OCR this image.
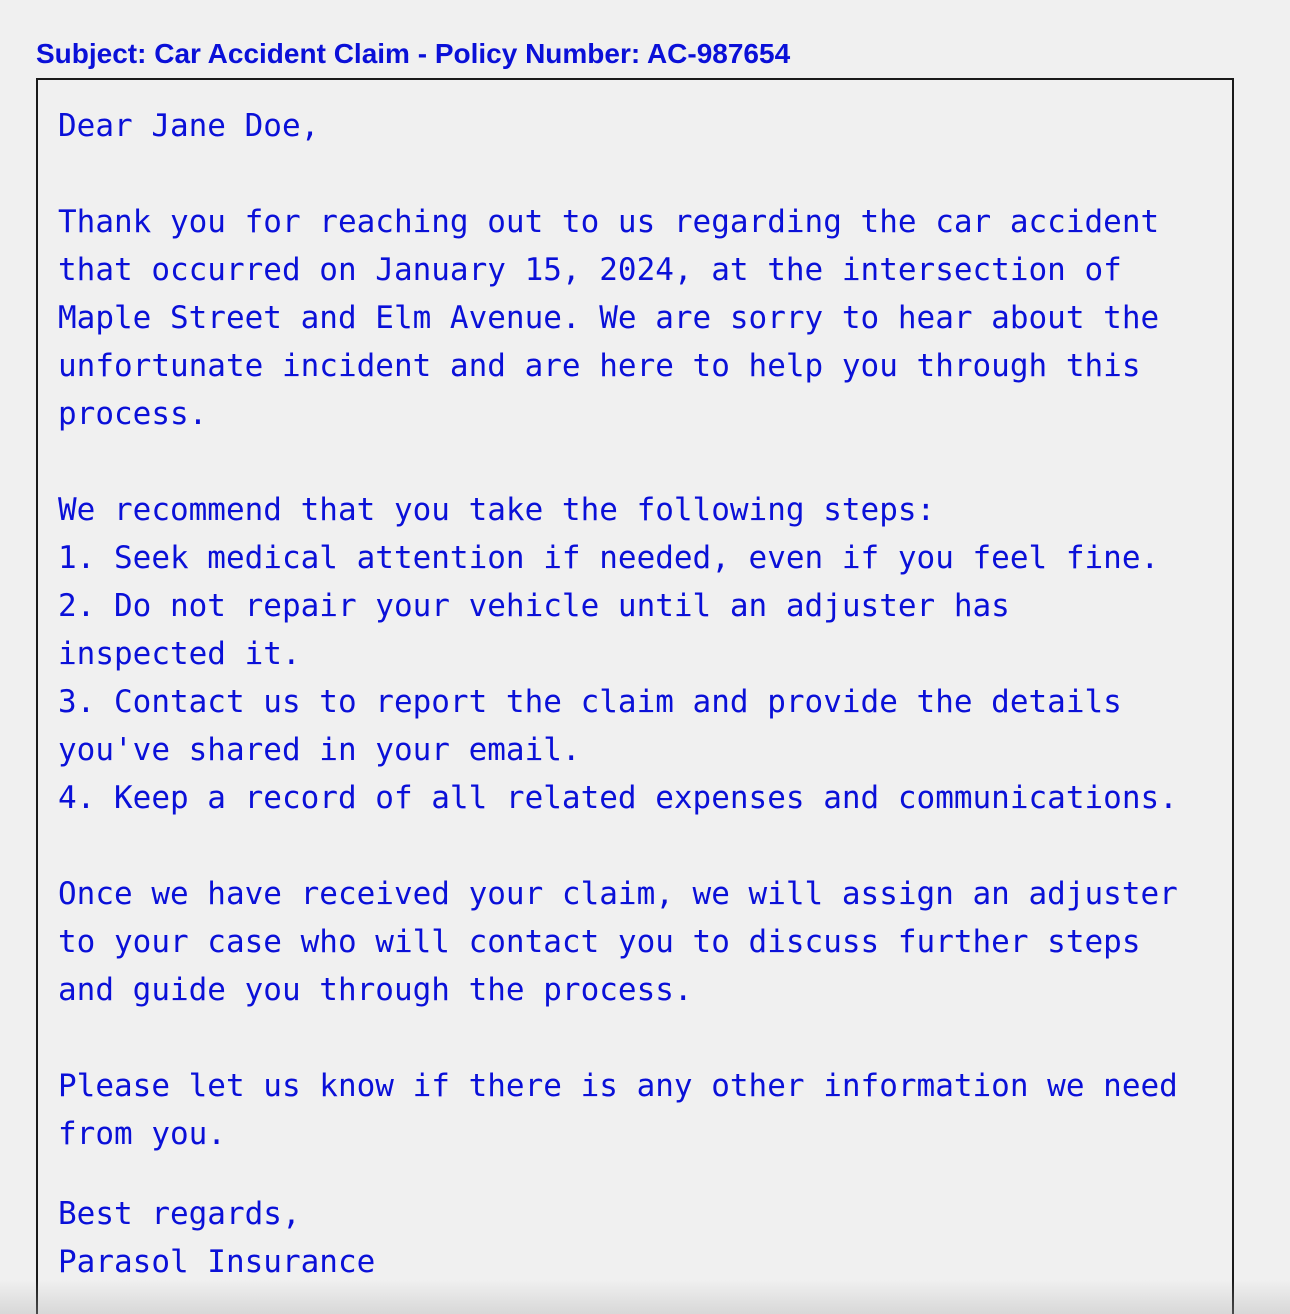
Subject: Car Accident Claim - Policy Number: AC-987654

Dear Jane Doe,

Thank you for reaching out to us regarding the car accident
that occurred on January 15, 2024, at the intersection of
Maple Street and Elm Avenue. We are sorry to hear about the
unfortunate incident and are here to help you through this
process.

We recommend that you take the following steps:
1. Seek medical attention if needed, even if you feel fine.
2. Do not repair your vehicle until an adjuster has
inspected it.
3. Contact us to report the claim and provide the details
you've shared in your email.
4. Keep a record of all related expenses and communications.

Once we have received your claim, we will assign an adjuster
to your case who will contact you to discuss further steps
and guide you through the process.

Please let us know if there is any other information we need
from you.

Best regards,
Parasol Insurance
